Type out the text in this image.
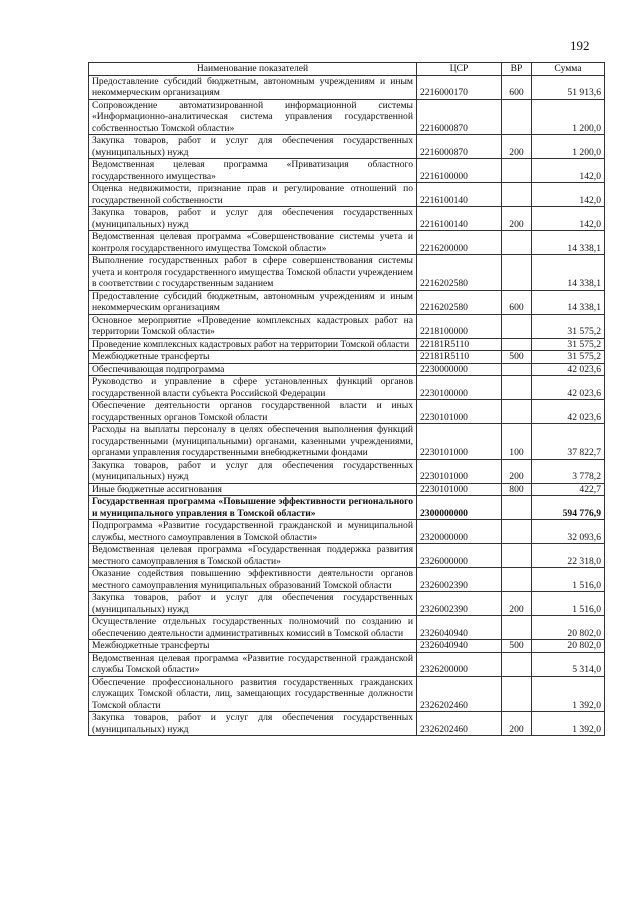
192
Наименование показателей	ЦСР	ВР	Сумма
Предоставление субсидий бюджетным, автономным учреждениям и иным некоммерческим организациям	2216000170	600	51 913,6
Сопровождение автоматизированной информационной системы «Информационно-аналитическая система управления государственной собственностью Томской области»	2216000870		1 200,0
Закупка товаров, работ и услуг для обеспечения государственных (муниципальных) нужд	2216000870	200	1 200,0
Ведомственная целевая программа «Приватизация областного государственного имущества»	2216100000		142,0
Оценка недвижимости, признание прав и регулирование отношений по государственной собственности	2216100140		142,0
Закупка товаров, работ и услуг для обеспечения государственных (муниципальных) нужд	2216100140	200	142,0
Ведомственная целевая программа «Совершенствование системы учета и контроля государственного имущества Томской области»	2216200000		14 338,1
Выполнение государственных работ в сфере совершенствования системы учета и контроля государственного имущества Томской области учреждением в соответствии с государственным заданием	2216202580		14 338,1
Предоставление субсидий бюджетным, автономным учреждениям и иным некоммерческим организациям	2216202580	600	14 338,1
Основное мероприятие «Проведение комплексных кадастровых работ на территории Томской области»	2218100000		31 575,2
Проведение комплексных кадастровых работ на территории Томской области	22181R5110		31 575,2
Межбюджетные трансферты	22181R5110	500	31 575,2
Обеспечивающая подпрограмма	2230000000		42 023,6
Руководство и управление в сфере установленных функций органов государственной власти субъекта Российской Федерации	2230100000		42 023,6
Обеспечение деятельности органов государственной власти и иных государственных органов Томской области	2230101000		42 023,6
Расходы на выплаты персоналу в целях обеспечения выполнения функций государственными (муниципальными) органами, казенными учреждениями, органами управления государственными внебюджетными фондами	2230101000	100	37 822,7
Закупка товаров, работ и услуг для обеспечения государственных (муниципальных) нужд	2230101000	200	3 778,2
Иные бюджетные ассигнования	2230101000	800	422,7
Государственная программа «Повышение эффективности регионального и муниципального управления в Томской области»	2300000000		594 776,9
Подпрограмма «Развитие государственной гражданской и муниципальной службы, местного самоуправления в Томской области»	2320000000		32 093,6
Ведомственная целевая программа «Государственная поддержка развития местного самоуправления в Томской области»	2326000000		22 318,0
Оказание содействия повышению эффективности деятельности органов местного самоуправления муниципальных образований Томской области	2326002390		1 516,0
Закупка товаров, работ и услуг для обеспечения государственных (муниципальных) нужд	2326002390	200	1 516,0
Осуществление отдельных государственных полномочий по созданию и обеспечению деятельности административных комиссий в Томской области	2326040940		20 802,0
Межбюджетные трансферты	2326040940	500	20 802,0
Ведомственная целевая программа «Развитие государственной гражданской службы Томской области»	2326200000		5 314,0
Обеспечение профессионального развития государственных гражданских служащих Томской области, лиц, замещающих государственные должности Томской области	2326202460		1 392,0
Закупка товаров, работ и услуг для обеспечения государственных (муниципальных) нужд	2326202460	200	1 392,0
